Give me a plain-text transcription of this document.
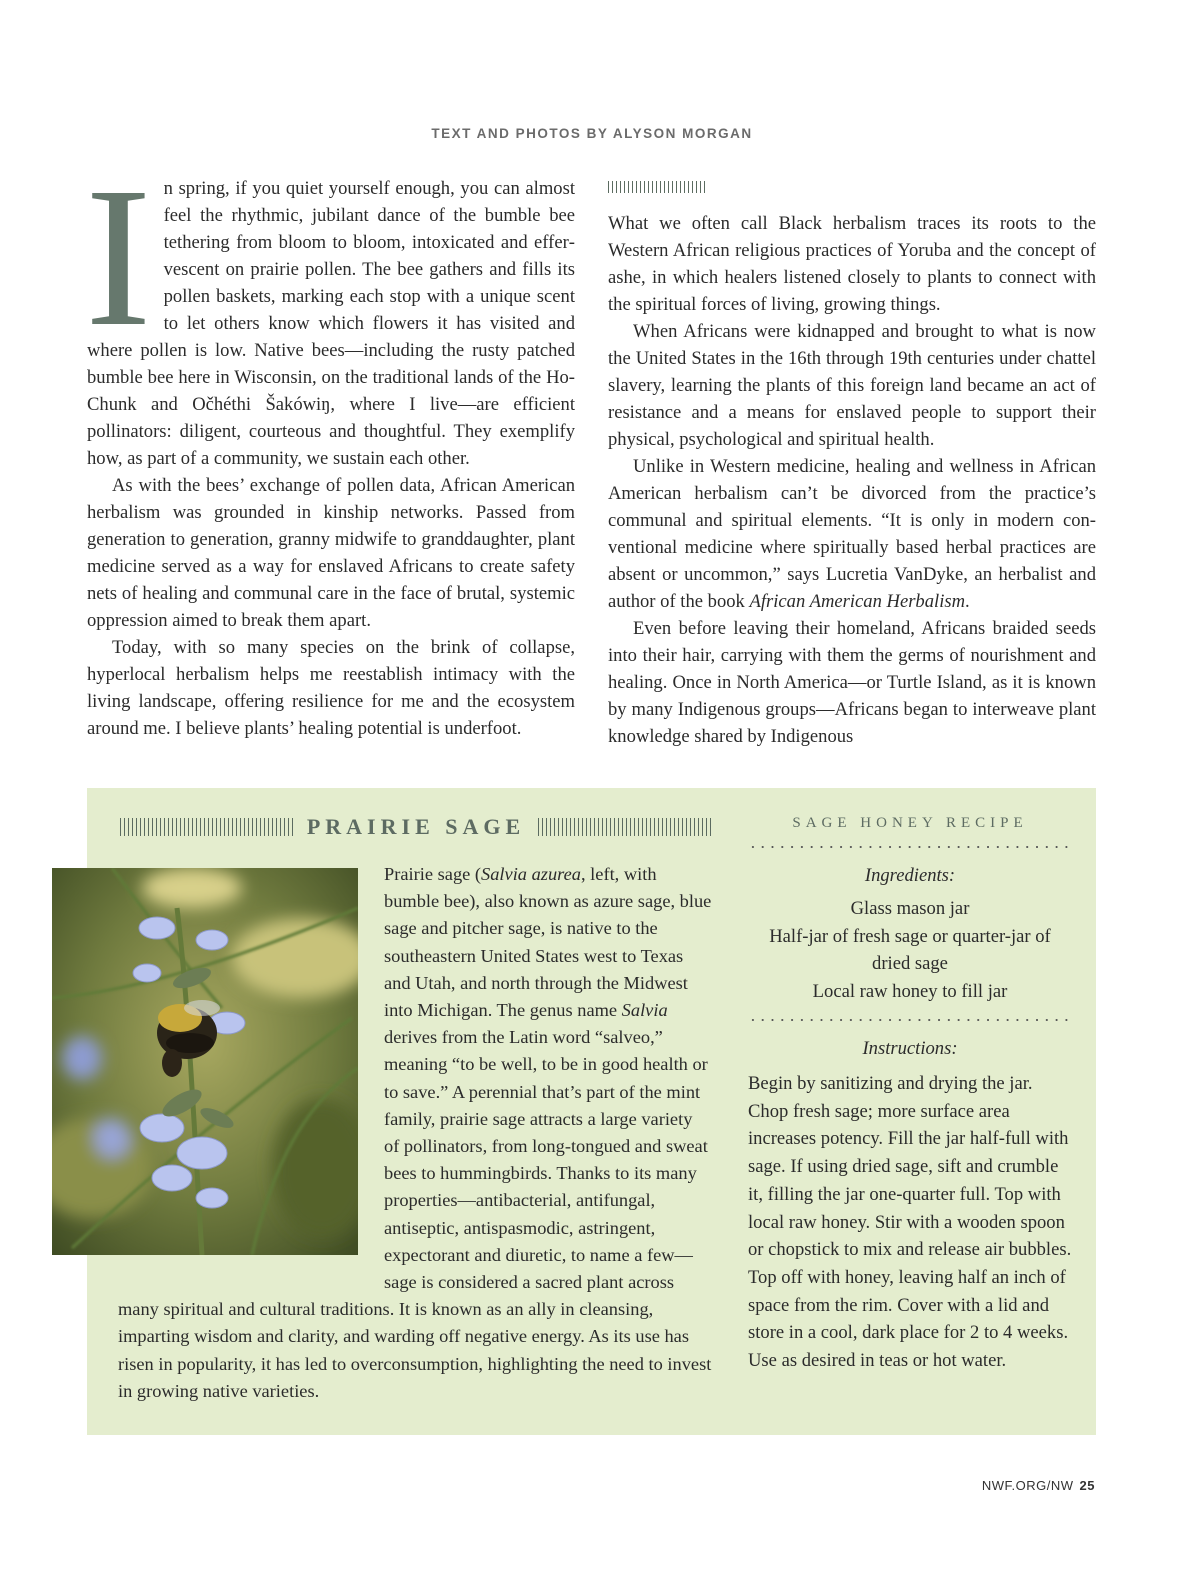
TEXT AND PHOTOS BY ALYSON MORGAN

In spring, if you quiet yourself enough, you can almost feel the rhythmic, jubilant dance of the bumble bee tethering from bloom to bloom, intoxicated and effervescent on prairie pollen. The bee gathers and fills its pollen baskets, marking each stop with a unique scent to let others know which flowers it has visited and where pollen is low. Native bees—including the rusty patched bumble bee here in Wisconsin, on the traditional lands of the Ho-Chunk and Očhéthi Šakówiŋ, where I live—are efficient pollinators: diligent, courteous and thoughtful. They exemplify how, as part of a community, we sustain each other.

As with the bees’ exchange of pollen data, African American herbalism was grounded in kinship networks. Passed from generation to generation, granny midwife to granddaughter, plant medicine served as a way for enslaved Africans to create safety nets of healing and communal care in the face of brutal, systemic oppression aimed to break them apart.

Today, with so many species on the brink of collapse, hyperlocal herbalism helps me reestablish intimacy with the living landscape, offering resilience for me and the ecosystem around me. I believe plants’ healing potential is underfoot.

What we often call Black herbalism traces its roots to the Western African religious practices of Yoruba and the concept of ashe, in which healers listened closely to plants to connect with the spiritual forces of living, growing things.

When Africans were kidnapped and brought to what is now the United States in the 16th through 19th centuries under chattel slavery, learning the plants of this foreign land became an act of resistance and a means for enslaved people to support their physical, psychological and spiritual health.

Unlike in Western medicine, healing and wellness in African American herbalism can’t be divorced from the practice’s communal and spiritual elements. “It is only in modern conventional medicine where spiritually based herbal practices are absent or uncommon,” says Lucretia VanDyke, an herbalist and author of the book African American Herbalism.

Even before leaving their homeland, Africans braided seeds into their hair, carrying with them the germs of nourishment and healing. Once in North America—or Turtle Island, as it is known by many Indigenous groups—Africans began to interweave plant knowledge shared by Indigenous

PRAIRIE SAGE

Prairie sage (Salvia azurea, left, with bumble bee), also known as azure sage, blue sage and pitcher sage, is native to the southeastern United States west to Texas and Utah, and north through the Midwest into Michigan. The genus name Salvia derives from the Latin word “salveo,” meaning “to be well, to be in good health or to save.” A perennial that’s part of the mint family, prairie sage attracts a large variety of pollinators, from long-tongued and sweat bees to hummingbirds. Thanks to its many properties—antibacterial, antifungal, antiseptic, antispasmodic, astringent, expectorant and diuretic, to name a few—sage is considered a sacred plant across many spiritual and cultural traditions. It is known as an ally in cleansing, imparting wisdom and clarity, and warding off negative energy. As its use has risen in popularity, it has led to overconsumption, highlighting the need to invest in growing native varieties.

SAGE HONEY RECIPE
Ingredients:
Glass mason jar
Half-jar of fresh sage or quarter-jar of dried sage
Local raw honey to fill jar
Instructions:
Begin by sanitizing and drying the jar. Chop fresh sage; more surface area increases potency. Fill the jar half-full with sage. If using dried sage, sift and crumble it, filling the jar one-quarter full. Top with local raw honey. Stir with a wooden spoon or chopstick to mix and release air bubbles. Top off with honey, leaving half an inch of space from the rim. Cover with a lid and store in a cool, dark place for 2 to 4 weeks. Use as desired in teas or hot water.
NWF.ORG/NW 25
